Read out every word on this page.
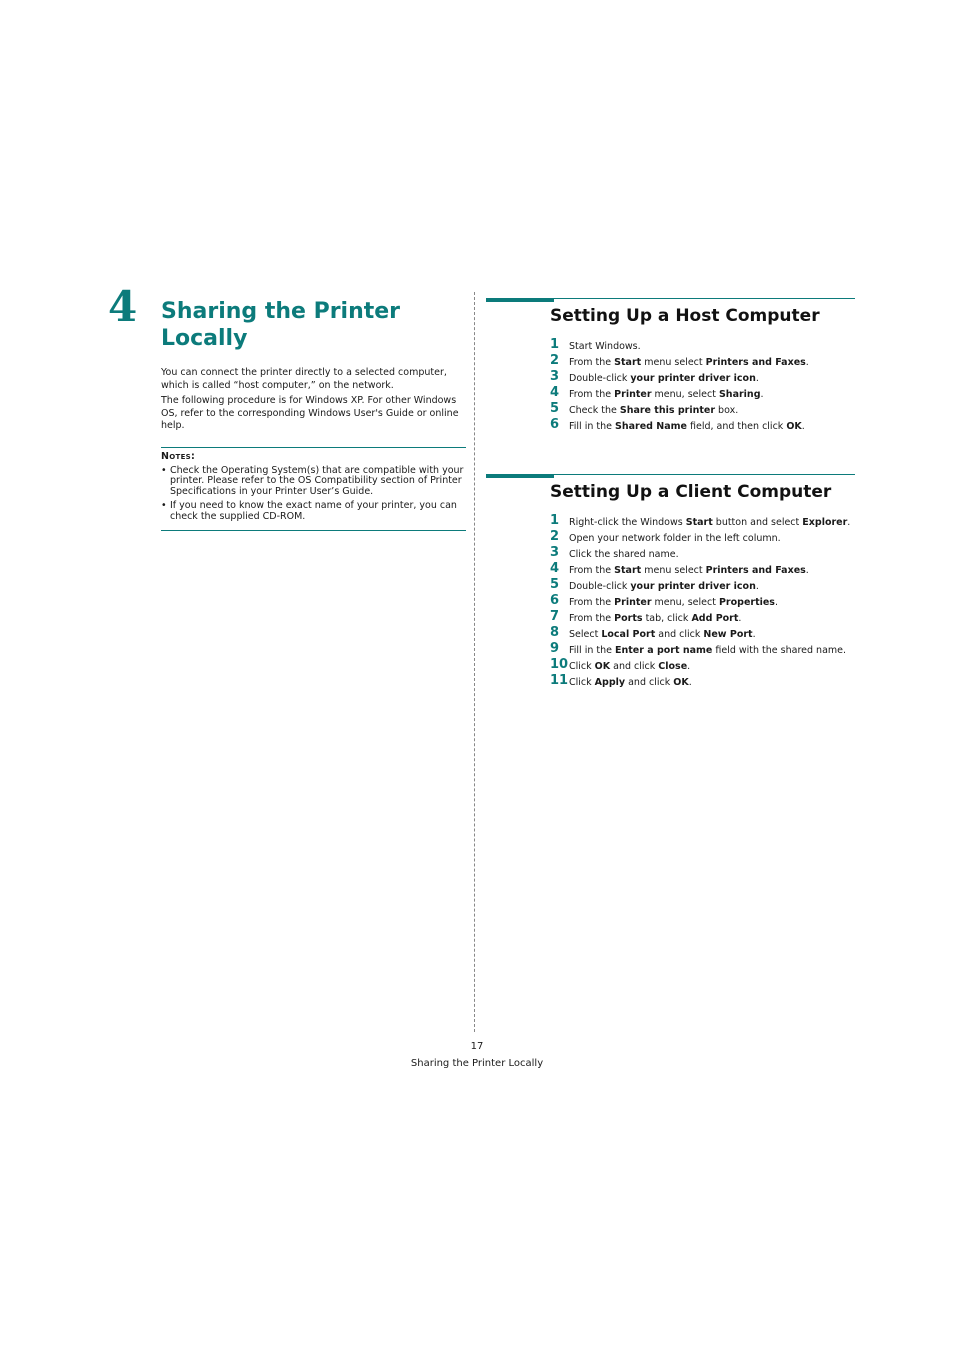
4 Sharing the Printer Locally

You can connect the printer directly to a selected computer, which is called “host computer,” on the network.

The following procedure is for Windows XP. For other Windows OS, refer to the corresponding Windows User's Guide or online help.

Notes:
• Check the Operating System(s) that are compatible with your printer. Please refer to the OS Compatibility section of Printer Specifications in your Printer User’s Guide.
• If you need to know the exact name of your printer, you can check the supplied CD-ROM.
Setting Up a Host Computer
1 Start Windows.
2 From the Start menu select Printers and Faxes.
3 Double-click your printer driver icon.
4 From the Printer menu, select Sharing.
5 Check the Share this printer box.
6 Fill in the Shared Name field, and then click OK.
Setting Up a Client Computer
1 Right-click the Windows Start button and select Explorer.
2 Open your network folder in the left column.
3 Click the shared name.
4 From the Start menu select Printers and Faxes.
5 Double-click your printer driver icon.
6 From the Printer menu, select Properties.
7 From the Ports tab, click Add Port.
8 Select Local Port and click New Port.
9 Fill in the Enter a port name field with the shared name.
10 Click OK and click Close.
11 Click Apply and click OK.
17
Sharing the Printer Locally
